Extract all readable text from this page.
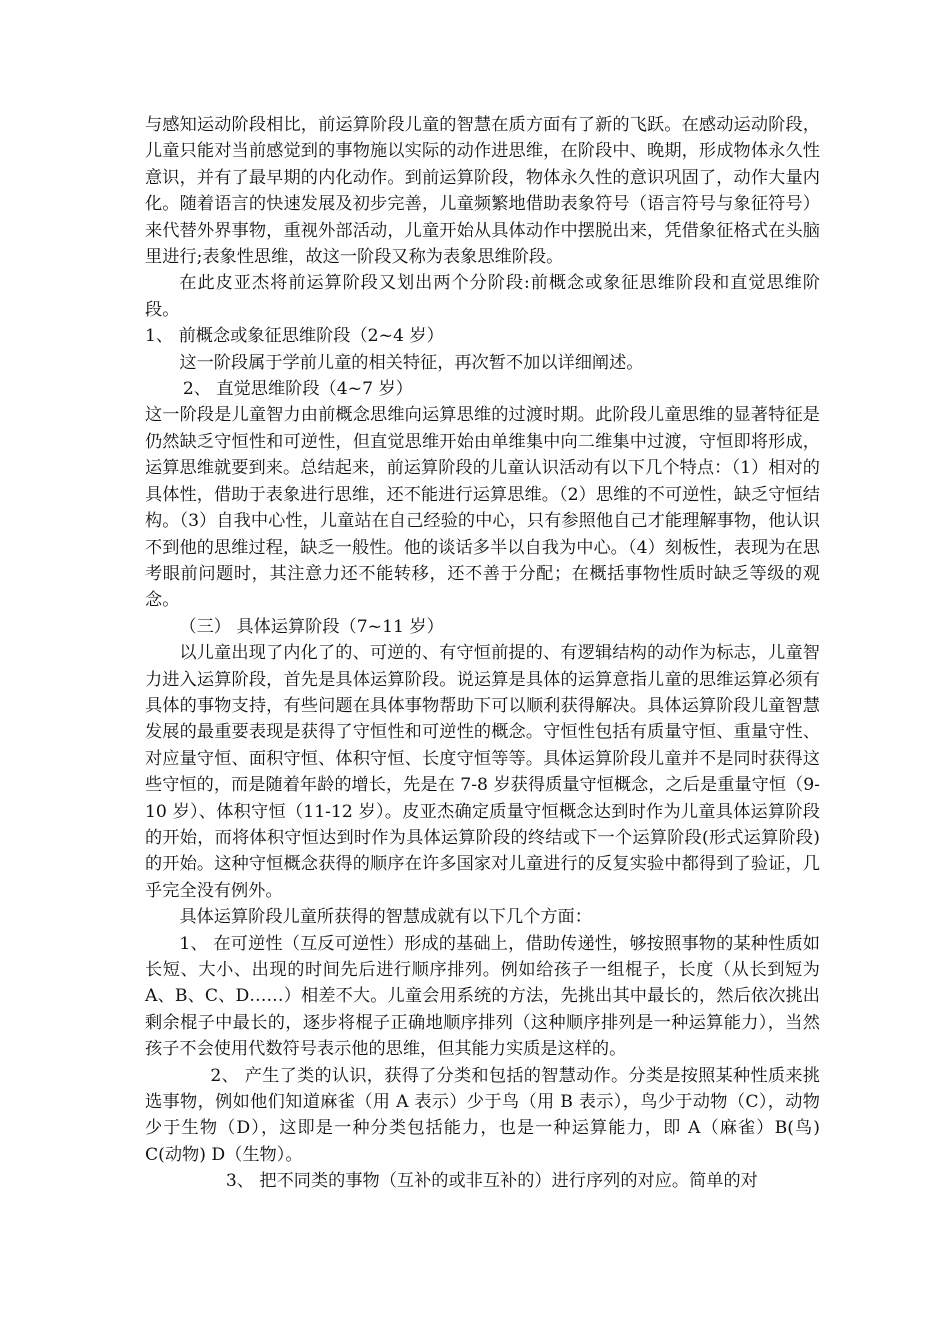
与感知运动阶段相比，前运算阶段儿童的智慧在质方面有了新的飞跃。在感动运动阶段，儿童只能对当前感觉到的事物施以实际的动作进思维，在阶段中、晚期，形成物体永久性意识，并有了最早期的内化动作。到前运算阶段，物体永久性的意识巩固了，动作大量内化。随着语言的快速发展及初步完善，儿童频繁地借助表象符号（语言符号与象征符号）来代替外界事物，重视外部活动，儿童开始从具体动作中摆脱出来，凭借象征格式在头脑里进行;表象性思维，故这一阶段又称为表象思维阶段。

在此皮亚杰将前运算阶段又划出两个分阶段:前概念或象征思维阶段和直觉思维阶段。

1、 前概念或象征思维阶段（2~4 岁）

这一阶段属于学前儿童的相关特征，再次暂不加以详细阐述。

2、 直觉思维阶段（4~7 岁）

这一阶段是儿童智力由前概念思维向运算思维的过渡时期。此阶段儿童思维的显著特征是仍然缺乏守恒性和可逆性，但直觉思维开始由单维集中向二维集中过渡，守恒即将形成，运算思维就要到来。总结起来，前运算阶段的儿童认识活动有以下几个特点：（1）相对的具体性，借助于表象进行思维，还不能进行运算思维。（2）思维的不可逆性，缺乏守恒结构。（3）自我中心性，儿童站在自己经验的中心，只有参照他自己才能理解事物，他认识不到他的思维过程，缺乏一般性。他的谈话多半以自我为中心。（4）刻板性，表现为在思考眼前问题时，其注意力还不能转移，还不善于分配；在概括事物性质时缺乏等级的观念。

（三） 具体运算阶段（7~11 岁）

以儿童出现了内化了的、可逆的、有守恒前提的、有逻辑结构的动作为标志，儿童智力进入运算阶段，首先是具体运算阶段。说运算是具体的运算意指儿童的思维运算必须有具体的事物支持，有些问题在具体事物帮助下可以顺利获得解决。具体运算阶段儿童智慧发展的最重要表现是获得了守恒性和可逆性的概念。守恒性包括有质量守恒、重量守性、对应量守恒、面积守恒、体积守恒、长度守恒等等。具体运算阶段儿童并不是同时获得这些守恒的，而是随着年龄的增长，先是在 7-8 岁获得质量守恒概念，之后是重量守恒（9-10 岁）、体积守恒（11-12 岁）。皮亚杰确定质量守恒概念达到时作为儿童具体运算阶段的开始，而将体积守恒达到时作为具体运算阶段的终结或下一个运算阶段(形式运算阶段)的开始。这种守恒概念获得的顺序在许多国家对儿童进行的反复实验中都得到了验证，几乎完全没有例外。

具体运算阶段儿童所获得的智慧成就有以下几个方面：

1、 在可逆性（互反可逆性）形成的基础上，借助传递性，够按照事物的某种性质如长短、大小、出现的时间先后进行顺序排列。例如给孩子一组棍子，长度（从长到短为 A、B、C、D……）相差不大。儿童会用系统的方法，先挑出其中最长的，然后依次挑出剩余棍子中最长的，逐步将棍子正确地顺序排列（这种顺序排列是一种运算能力），当然孩子不会使用代数符号表示他的思维，但其能力实质是这样的。

2、 产生了类的认识，获得了分类和包括的智慧动作。分类是按照某种性质来挑选事物，例如他们知道麻雀（用 A 表示）少于鸟（用 B 表示），鸟少于动物（C），动物少于生物（D），这即是一种分类包括能力，也是一种运算能力，即 A（麻雀）B(鸟) C(动物) D（生物）。

3、 把不同类的事物（互补的或非互补的）进行序列的对应。简单的对
